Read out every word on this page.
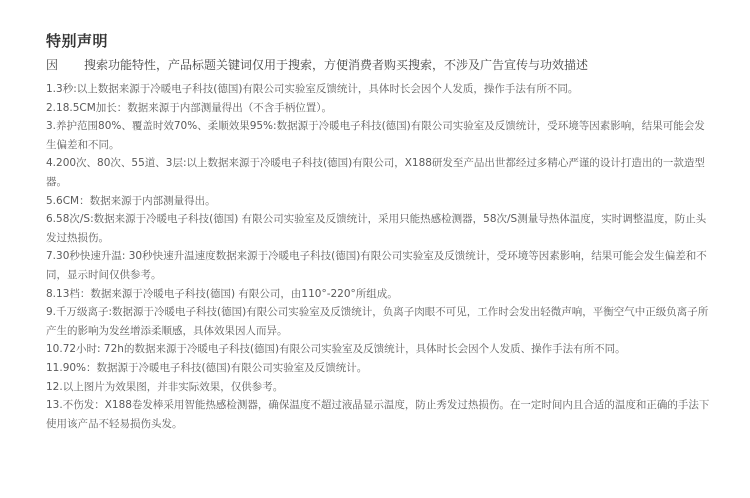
特别声明
因 搜索功能特性，产品标题关键词仅用于搜索，方便消费者购买搜索，不涉及广告宣传与功效描述
1.3秒:以上数据来源于冷暖电子科技(德国)有限公司实验室反馈统计，具体时长会因个人发质，操作手法有所不同。
2.18.5CM加长：数据来源于内部测量得出（不含手柄位置）。
3.养护范围80%、覆盖时效70%、柔顺效果95%:数据源于冷暖电子科技(德国)有限公司实验室及反馈统计，受环境等因素影响，结果可能会发生偏差和不同。
4.200次、80次、55道、3层:以上数据来源于冷暖电子科技(德国)有限公司，X188研发至产品出世都经过多精心严谨的设计打造出的一款造型器。
5.6CM：数据来源于内部测量得出。
6.58次/S:数据来源于冷暖电子科技(德国) 有限公司实验室及反馈统计，采用只能热感检测器，58次/S测量导热体温度，实时调整温度，防止头发过热损伤。
7.30秒快速升温: 30秒快速升温速度数据来源于冷暖电子科技(德国)有限公司实验室及反馈统计，受环境等因素影响，结果可能会发生偏差和不同，显示时间仅供参考。
8.13档：数据来源于冷暖电子科技(德国) 有限公司，由110°-220°所组成。
9.千万级离子:数据源于冷暖电子科技(德国)有限公司实验室及反馈统计，负离子肉眼不可见，工作时会发出轻微声响，平衡空气中正级负离子所产生的影响为发丝增添柔顺感，具体效果因人而异。
10.72小时: 72h的数据来源于冷暖电子科技(德国)有限公司实验室及反馈统计，具体时长会因个人发质、操作手法有所不同。
11.90%：数据源于冷暖电子科技(德国)有限公司实验室及反馈统计。
12.以上图片为效果图，并非实际效果，仅供参考。
13.不伤发：X188卷发棒采用智能热感检测器，确保温度不超过液晶显示温度，防止秀发过热损伤。在一定时间内且合适的温度和正确的手法下使用该产品不轻易损伤头发。
